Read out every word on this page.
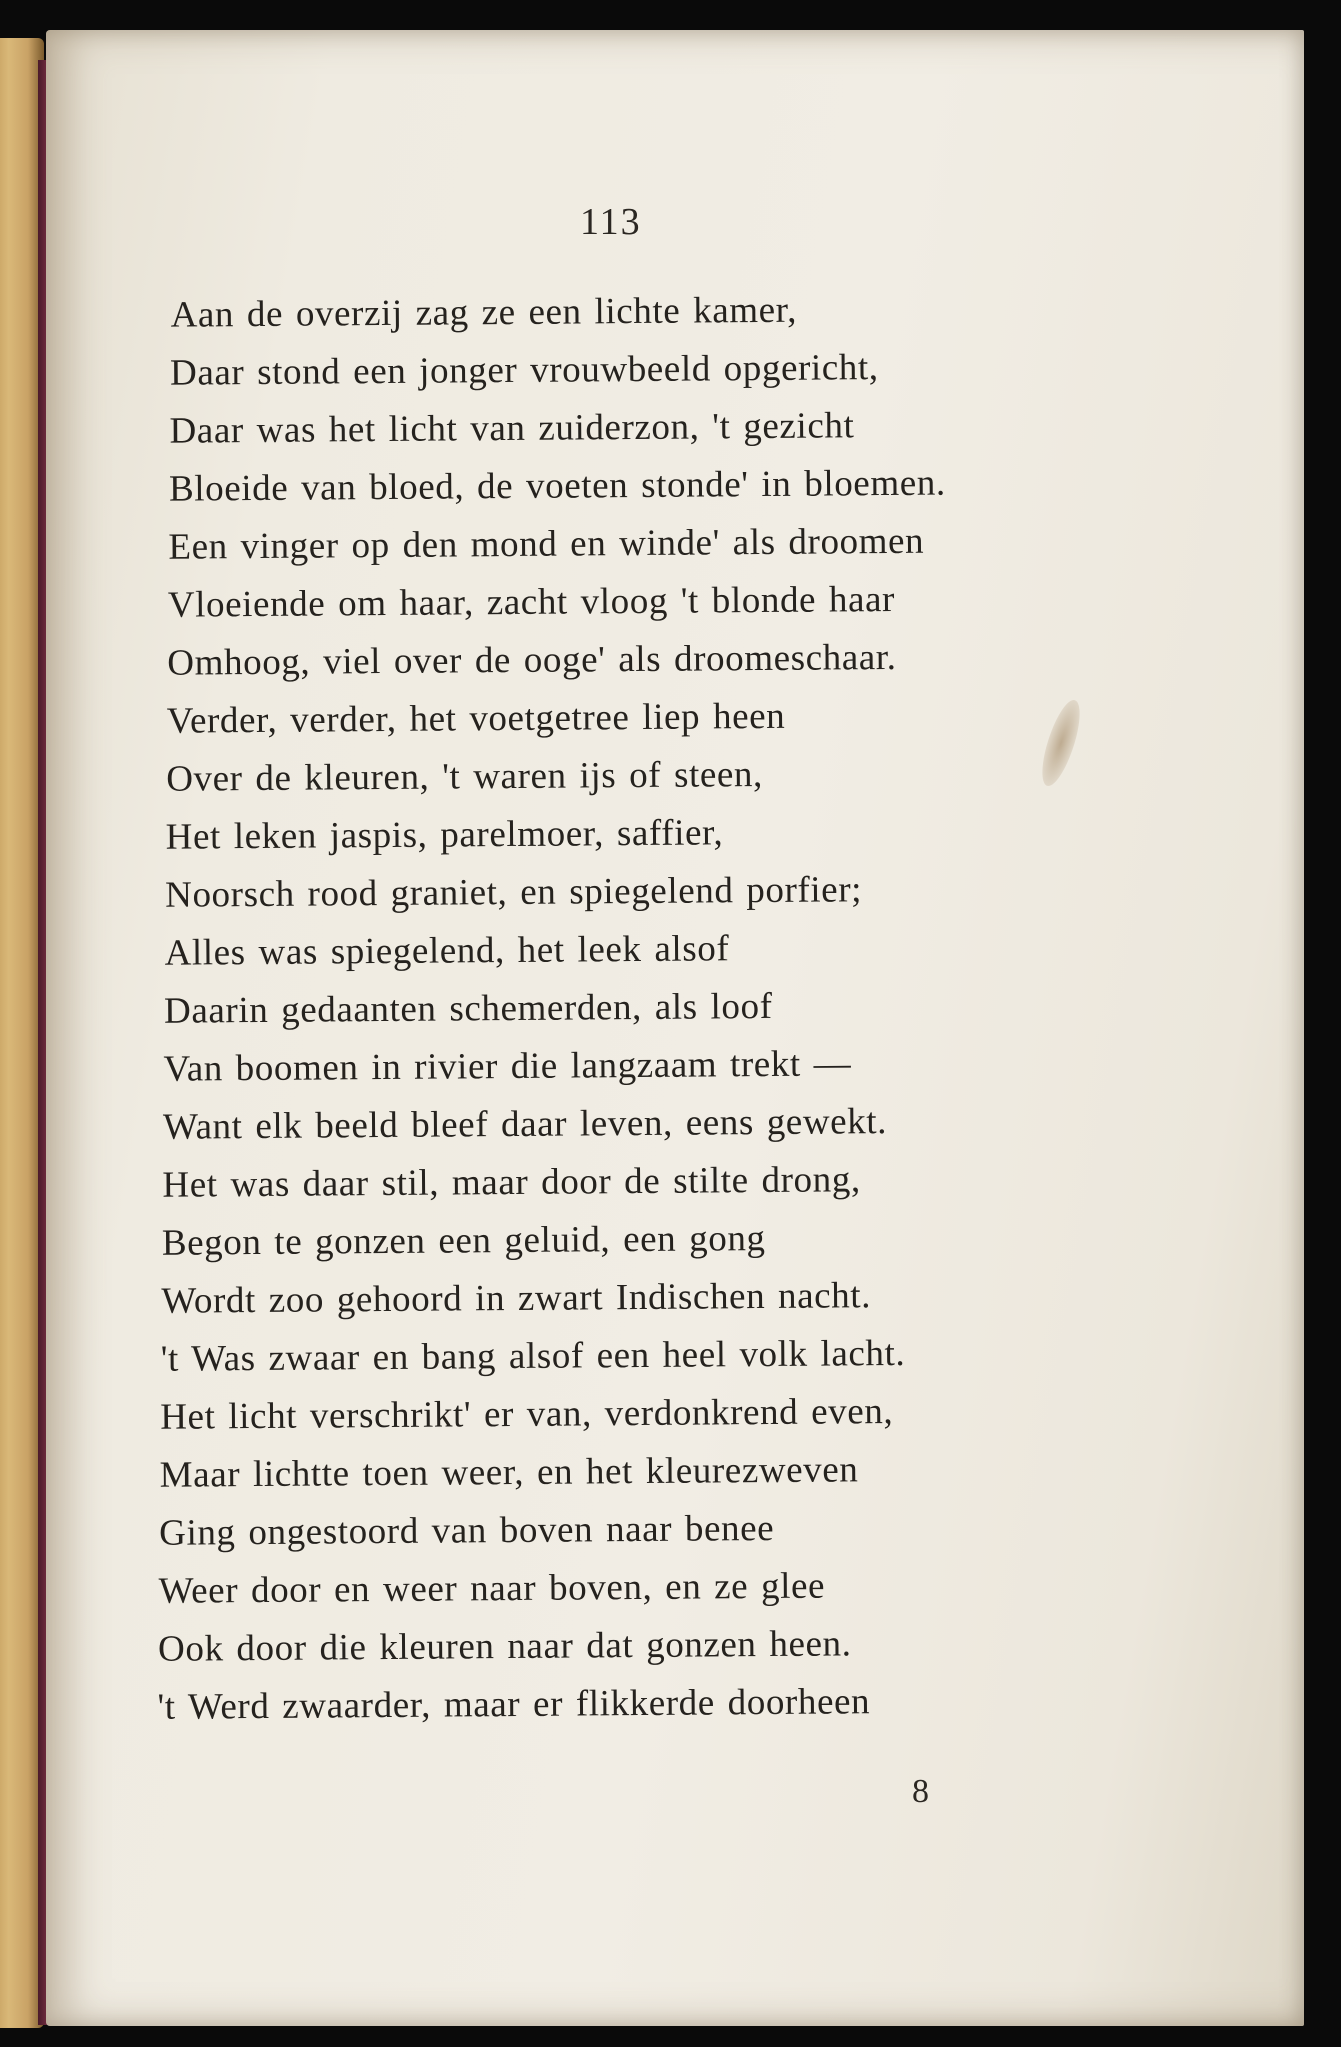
113
Aan de overzij zag ze een lichte kamer,
Daar stond een jonger vrouwbeeld opgericht,
Daar was het licht van zuiderzon, 't gezicht
Bloeide van bloed, de voeten stonde' in bloemen.
Een vinger op den mond en winde' als droomen
Vloeiende om haar, zacht vloog 't blonde haar
Omhoog, viel over de ooge' als droomeschaar.
Verder, verder, het voetgetree liep heen
Over de kleuren, 't waren ijs of steen,
Het leken jaspis, parelmoer, saffier,
Noorsch rood graniet, en spiegelend porfier;
Alles was spiegelend, het leek alsof
Daarin gedaanten schemerden, als loof
Van boomen in rivier die langzaam trekt —
Want elk beeld bleef daar leven, eens gewekt.
Het was daar stil, maar door de stilte drong,
Begon te gonzen een geluid, een gong
Wordt zoo gehoord in zwart Indischen nacht.
't Was zwaar en bang alsof een heel volk lacht.
Het licht verschrikt' er van, verdonkrend even,
Maar lichtte toen weer, en het kleurezweven
Ging ongestoord van boven naar benee
Weer door en weer naar boven, en ze glee
Ook door die kleuren naar dat gonzen heen.
't Werd zwaarder, maar er flikkerde doorheen
8
